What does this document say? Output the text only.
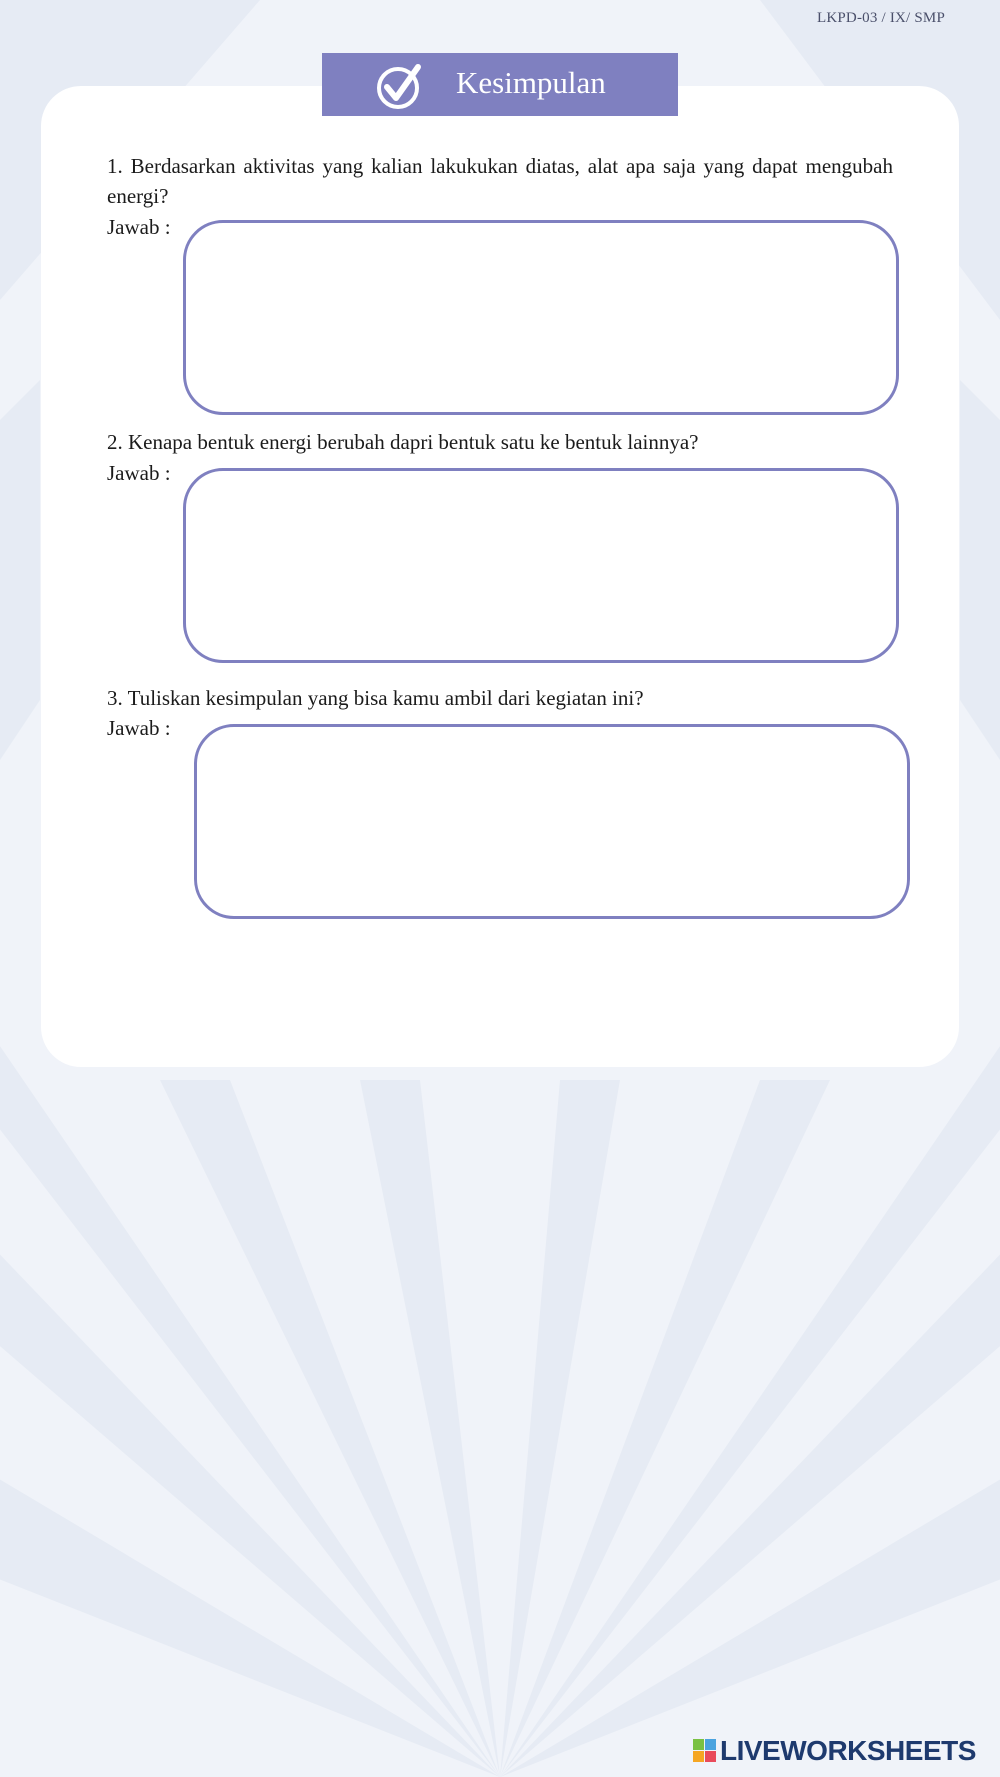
LKPD-03 / IX/ SMP
Kesimpulan
1. Berdasarkan aktivitas yang kalian lakukukan diatas, alat apa saja yang dapat mengubah energi?
Jawab :
2. Kenapa bentuk energi berubah dapri bentuk satu ke bentuk lainnya?
Jawab :
3. Tuliskan kesimpulan yang bisa kamu ambil dari kegiatan ini?
Jawab :
LIVEWORKSHEETS
